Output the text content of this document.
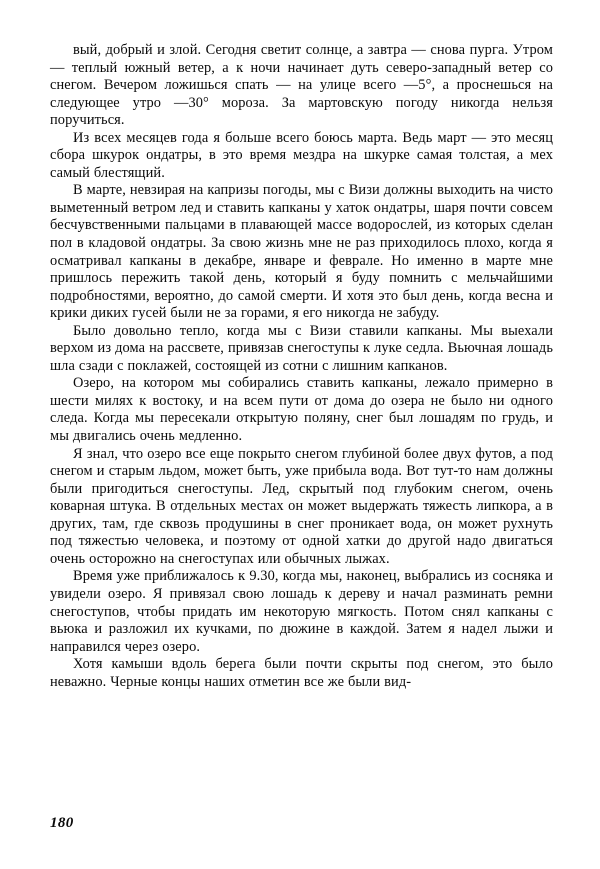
вый, добрый и злой. Сегодня светит солнце, а завтра — снова пурга. Утром — теплый южный ветер, а к ночи начинает дуть северо-западный ветер со снегом. Вечером ложишься спать — на улице всего —5°, а проснешься на следующее утро —30° мороза. За мартовскую погоду никогда нельзя поручиться.

Из всех месяцев года я больше всего боюсь марта. Ведь март — это месяц сбора шкурок ондатры, в это время мездра на шкурке самая толстая, а мех самый блестящий.

В марте, невзирая на капризы погоды, мы с Визи должны выходить на чисто выметенный ветром лед и ставить капканы у хаток ондатры, шаря почти совсем бесчувственными пальцами в плавающей массе водорослей, из которых сделан пол в кладовой ондатры. За свою жизнь мне не раз приходилось плохо, когда я осматривал капканы в декабре, январе и феврале. Но именно в марте мне пришлось пережить такой день, который я буду помнить с мельчайшими подробностями, вероятно, до самой смерти. И хотя это был день, когда весна и крики диких гусей были не за горами, я его никогда не забуду.

Было довольно тепло, когда мы с Визи ставили капканы. Мы выехали верхом из дома на рассвете, привязав снегоступы к луке седла. Вьючная лошадь шла сзади с поклажей, состоящей из сотни с лишним капканов.

Озеро, на котором мы собирались ставить капканы, лежало примерно в шести милях к востоку, и на всем пути от дома до озера не было ни одного следа. Когда мы пересекали открытую поляну, снег был лошадям по грудь, и мы двигались очень медленно.

Я знал, что озеро все еще покрыто снегом глубиной более двух футов, а под снегом и старым льдом, может быть, уже прибыла вода. Вот тут-то нам должны были пригодиться снегоступы. Лед, скрытый под глубоким снегом, очень коварная штука. В отдельных местах он может выдержать тяжесть липкора, а в других, там, где сквозь продушины в снег проникает вода, он может рухнуть под тяжестью человека, и поэтому от одной хатки до другой надо двигаться очень осторожно на снегоступах или обычных лыжах.

Время уже приближалось к 9.30, когда мы, наконец, выбрались из сосняка и увидели озеро. Я привязал свою лошадь к дереву и начал разминать ремни снегоступов, чтобы придать им некоторую мягкость. Потом снял капканы с вьюка и разложил их кучками, по дюжине в каждой. Затем я надел лыжи и направился через озеро.

Хотя камыши вдоль берега были почти скрыты под снегом, это было неважно. Черные концы наших отметин все же были вид-

180
